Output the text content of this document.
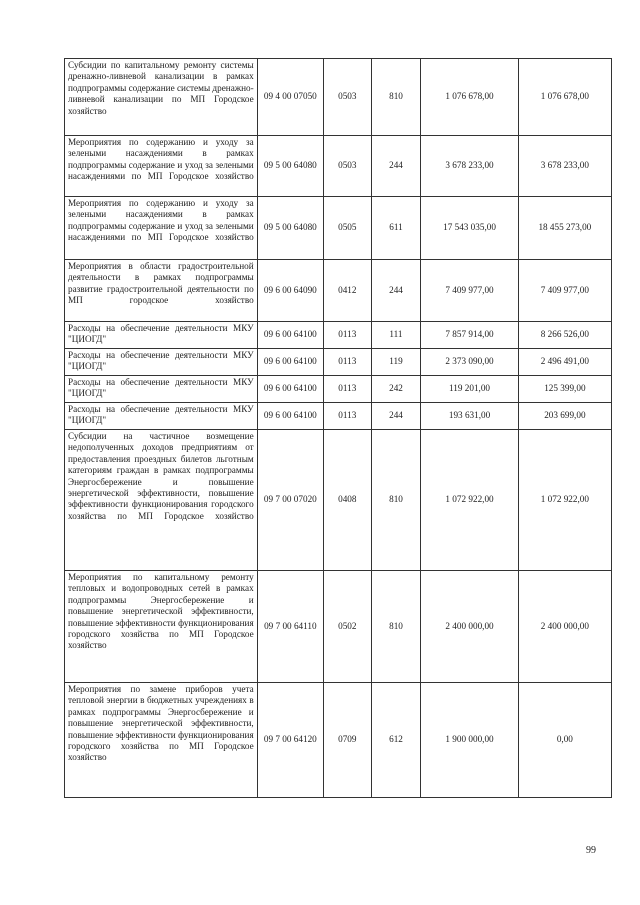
Субсидии по капитальному ремонту системы дренажно-ливневой канализации в рамках подпрограммы содержание системы дренажно-ливневой канализации по МП Городское хозяйство	09 4 00 07050	0503	810	1 076 678,00	1 076 678,00
Мероприятия по содержанию и уходу за зелеными насаждениями в рамках подпрограммы содержание и уход за зелеными насаждениями по МП Городское хозяйство	09 5 00 64080	0503	244	3 678 233,00	3 678 233,00
Мероприятия по содержанию и уходу за зелеными насаждениями в рамках подпрограммы содержание и уход за зелеными насаждениями по МП Городское хозяйство	09 5 00 64080	0505	611	17 543 035,00	18 455 273,00
Мероприятия в области градостроительной деятельности в рамках подпрограммы развитие градостроительной деятельности по МП городское хозяйство	09 6 00 64090	0412	244	7 409 977,00	7 409 977,00
Расходы на обеспечение деятельности МКУ "ЦИОГД"	09 6 00 64100	0113	111	7 857 914,00	8 266 526,00
Расходы на обеспечение деятельности МКУ "ЦИОГД"	09 6 00 64100	0113	119	2 373 090,00	2 496 491,00
Расходы на обеспечение деятельности МКУ "ЦИОГД"	09 6 00 64100	0113	242	119 201,00	125 399,00
Расходы на обеспечение деятельности МКУ "ЦИОГД"	09 6 00 64100	0113	244	193 631,00	203 699,00
Субсидии на частичное возмещение недополученных доходов предприятиям от предоставления проездных билетов льготным категориям граждан в рамках подпрограммы Энергосбережение и повышение энергетической эффективности, повышение эффективности функционирования городского хозяйства по МП Городское хозяйство	09 7 00 07020	0408	810	1 072 922,00	1 072 922,00
Мероприятия по капитальному ремонту тепловых и водопроводных сетей в рамках подпрограммы Энергосбережение и повышение энергетической эффективности, повышение эффективности функционирования городского хозяйства по МП Городское хозяйство	09 7 00 64110	0502	810	2 400 000,00	2 400 000,00
Мероприятия по замене приборов учета тепловой энергии в бюджетных учреждениях в рамках подпрограммы Энергосбережение и повышение энергетической эффективности, повышение эффективности функционирования городского хозяйства по МП Городское хозяйство	09 7 00 64120	0709	612	1 900 000,00	0,00
99
